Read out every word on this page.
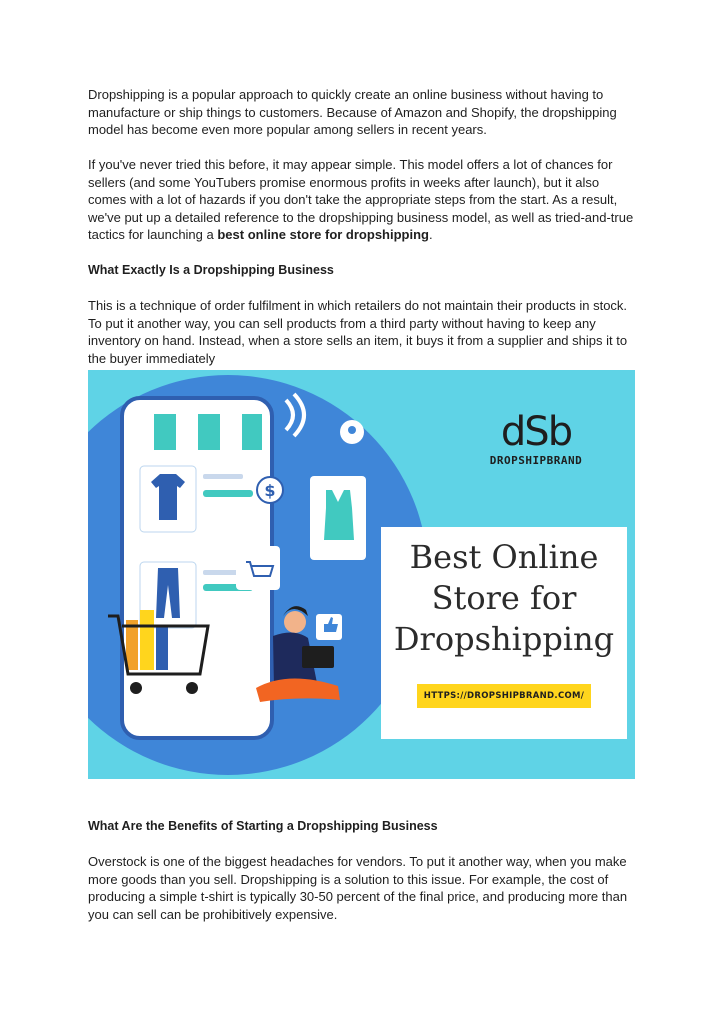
Dropshipping is a popular approach to quickly create an online business without having to manufacture or ship things to customers. Because of Amazon and Shopify, the dropshipping model has become even more popular among sellers in recent years.

If you've never tried this before, it may appear simple. This model offers a lot of chances for sellers (and some YouTubers promise enormous profits in weeks after launch), but it also comes with a lot of hazards if you don't take the appropriate steps from the start. As a result, we've put up a detailed reference to the dropshipping business model, as well as tried-and-true tactics for launching a best online store for dropshipping.

What Exactly Is a Dropshipping Business

This is a technique of order fulfilment in which retailers do not maintain their products in stock. To put it another way, you can sell products from a third party without having to keep any inventory on hand. Instead, when a store sells an item, it buys it from a supplier and ships it to the buyer immediately

$
dSb
DROPSHIPBRAND
Best Online
Store for
Dropshipping
HTTPS://DROPSHIPBRAND.COM/
What Are the Benefits of Starting a Dropshipping Business

Overstock is one of the biggest headaches for vendors. To put it another way, when you make more goods than you sell. Dropshipping is a solution to this issue. For example, the cost of producing a simple t-shirt is typically 30-50 percent of the final price, and producing more than you can sell can be prohibitively expensive.
